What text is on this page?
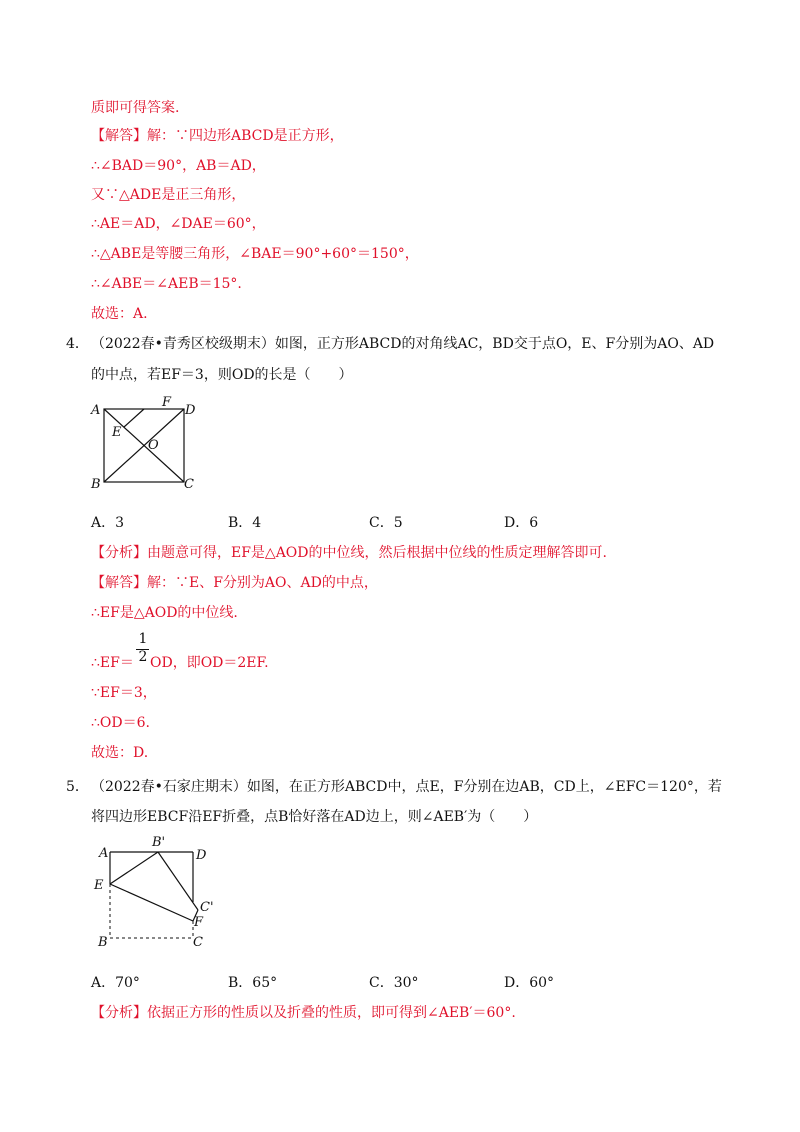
质即可得答案.
【解答】解：∵四边形ABCD是正方形，
∴∠BAD＝90°，AB＝AD，
又∵△ADE是正三角形，
∴AE＝AD，∠DAE＝60°，
∴△ABE是等腰三角形，∠BAE＝90°+60°＝150°，
∴∠ABE＝∠AEB＝15°.
故选：A.
4． （2022春•青秀区校级期末）如图，正方形ABCD的对角线AC，BD交于点O，E、F分别为AO、AD
的中点，若EF＝3，则OD的长是（　　）
A
F
D
E
O
B	C
A．3	B．4	C．5	D．6
【分析】由题意可得，EF是△AOD的中位线，然后根据中位线的性质定理解答即可.
【解答】解：∵E、F分别为AO、AD的中点，
∴EF是△AOD的中位线.
1
2
∴EF＝ OD，即OD＝2EF.
∵EF＝3，
∴OD＝6.
故选：D.
5． （2022春•石家庄期末）如图，在正方形ABCD中，点E，F分别在边AB，CD上，∠EFC＝120°，若
将四边形EBCF沿EF折叠，点B恰好落在AD边上，则∠AEB′为（　　）
A
B'
D
E
C'
F
B	C
A．70°	B．65°	C．30°	D．60°
【分析】依据正方形的性质以及折叠的性质，即可得到∠AEB′＝60°.
